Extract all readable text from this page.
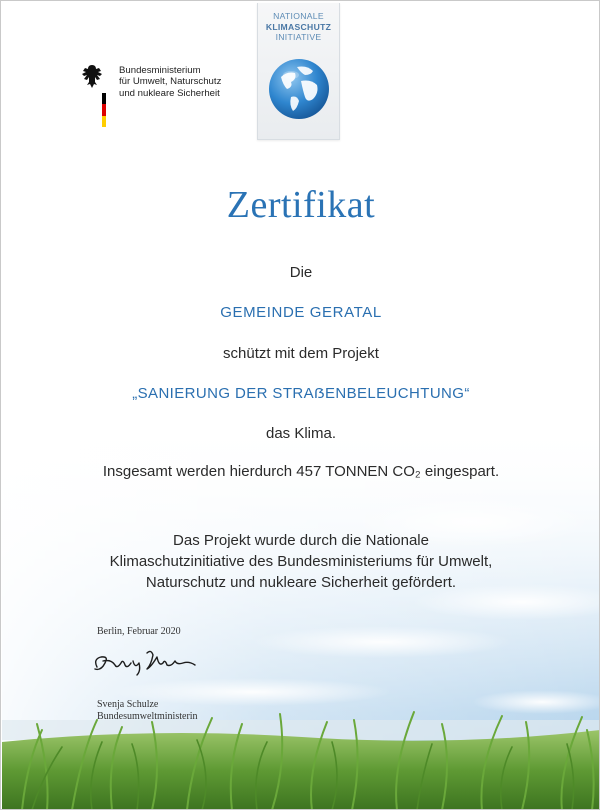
Bundesministerium
für Umwelt, Naturschutz
und nukleare Sicherheit
NATIONALE
KLIMASCHUTZ
INITIATIVE
Zertifikat
Die
GEMEINDE GERATAL
schützt mit dem Projekt
„SANIERUNG DER STRAẞENBELEUCHTUNG“
das Klima.
Insgesamt werden hierdurch 457 TONNEN CO₂ eingespart.
Das Projekt wurde durch die Nationale
Klimaschutzinitiative des Bundesministeriums für Umwelt,
Naturschutz und nukleare Sicherheit gefördert.
Berlin, Februar 2020
Svenja Schulze
Bundesumweltministerin
